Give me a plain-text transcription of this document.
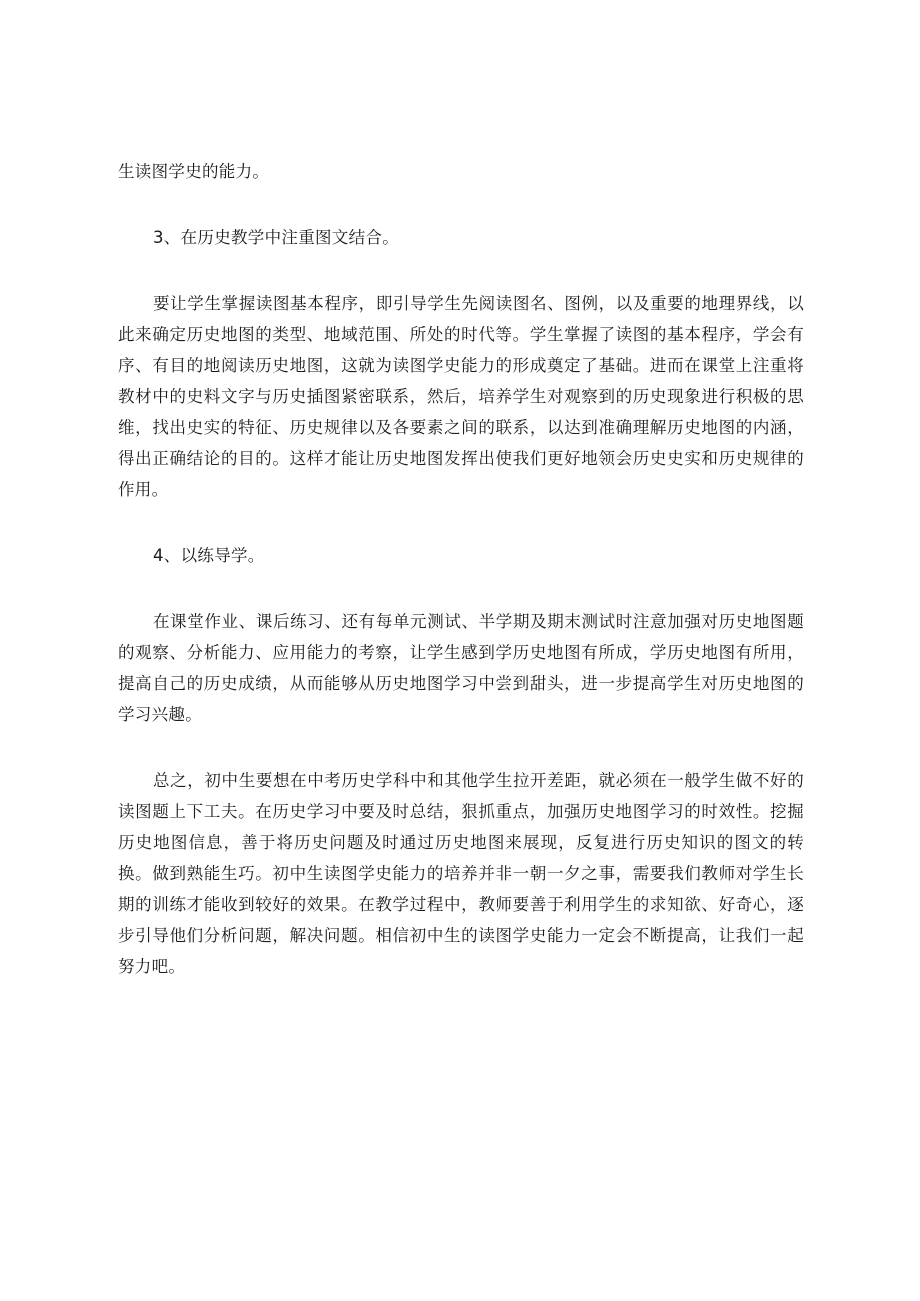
生读图学史的能力。

3、在历史教学中注重图文结合。

要让学生掌握读图基本程序，即引导学生先阅读图名、图例，以及重要的地理界线，以此来确定历史地图的类型、地域范围、所处的时代等。学生掌握了读图的基本程序，学会有序、有目的地阅读历史地图，这就为读图学史能力的形成奠定了基础。进而在课堂上注重将教材中的史料文字与历史插图紧密联系，然后，培养学生对观察到的历史现象进行积极的思维，找出史实的特征、历史规律以及各要素之间的联系，以达到准确理解历史地图的内涵，得出正确结论的目的。这样才能让历史地图发挥出使我们更好地领会历史史实和历史规律的作用。

4、以练导学。

在课堂作业、课后练习、还有每单元测试、半学期及期末测试时注意加强对历史地图题的观察、分析能力、应用能力的考察，让学生感到学历史地图有所成，学历史地图有所用，提高自己的历史成绩，从而能够从历史地图学习中尝到甜头，进一步提高学生对历史地图的学习兴趣。

总之，初中生要想在中考历史学科中和其他学生拉开差距，就必须在一般学生做不好的读图题上下工夫。在历史学习中要及时总结，狠抓重点，加强历史地图学习的时效性。挖掘历史地图信息，善于将历史问题及时通过历史地图来展现，反复进行历史知识的图文的转换。做到熟能生巧。初中生读图学史能力的培养并非一朝一夕之事，需要我们教师对学生长期的训练才能收到较好的效果。在教学过程中，教师要善于利用学生的求知欲、好奇心，逐步引导他们分析问题，解决问题。相信初中生的读图学史能力一定会不断提高，让我们一起努力吧。
